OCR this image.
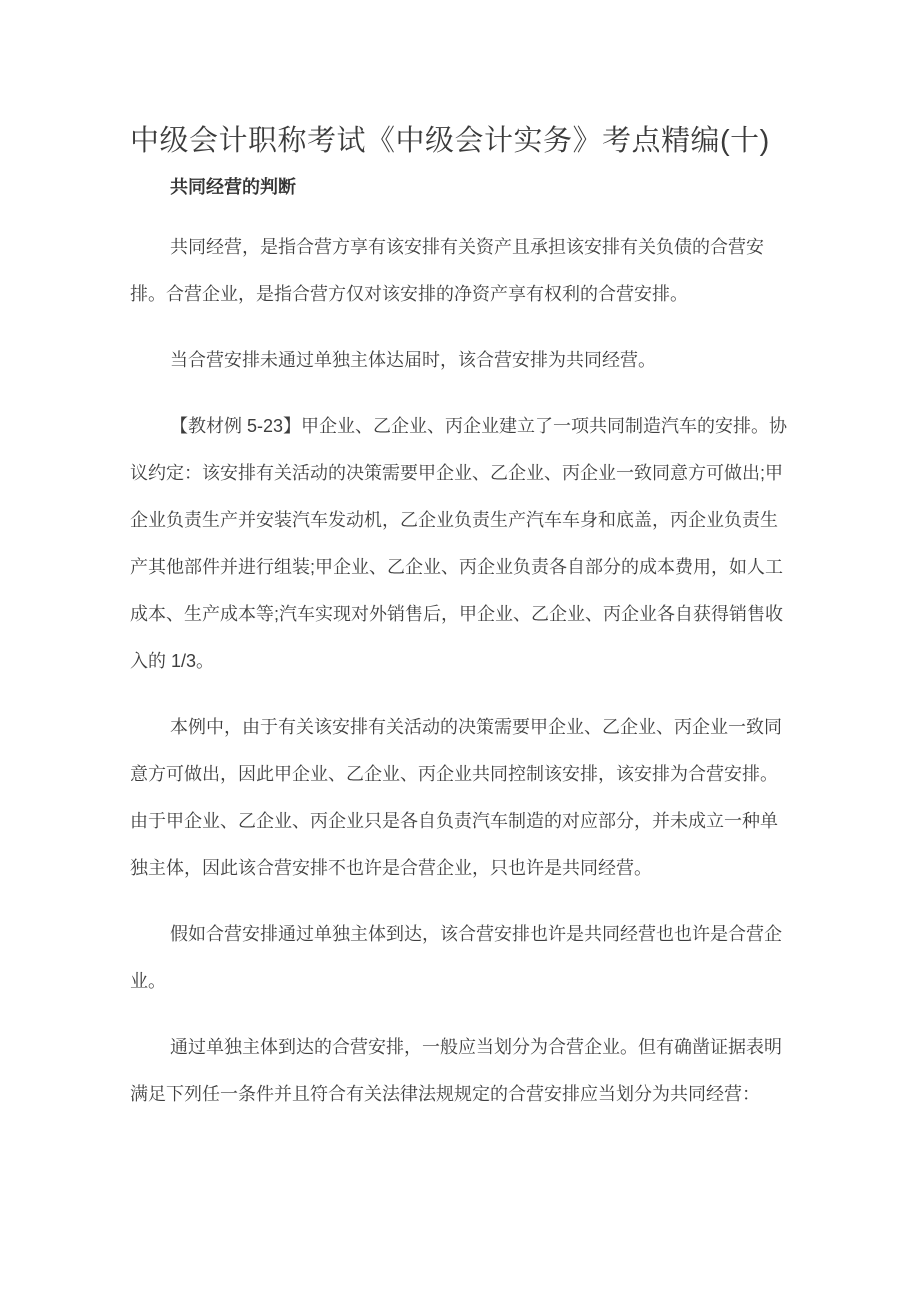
中级会计职称考试《中级会计实务》考点精编(十)
共同经营的判断

共同经营，是指合营方享有该安排有关资产且承担该安排有关负债的合营安排。合营企业，是指合营方仅对该安排的净资产享有权利的合营安排。

当合营安排未通过单独主体达届时，该合营安排为共同经营。

【教材例 5-23】甲企业、乙企业、丙企业建立了一项共同制造汽车的安排。协议约定：该安排有关活动的决策需要甲企业、乙企业、丙企业一致同意方可做出;甲企业负责生产并安装汽车发动机，乙企业负责生产汽车车身和底盖，丙企业负责生产其他部件并进行组装;甲企业、乙企业、丙企业负责各自部分的成本费用，如人工成本、生产成本等;汽车实现对外销售后，甲企业、乙企业、丙企业各自获得销售收入的 1/3。

本例中，由于有关该安排有关活动的决策需要甲企业、乙企业、丙企业一致同意方可做出，因此甲企业、乙企业、丙企业共同控制该安排，该安排为合营安排。由于甲企业、乙企业、丙企业只是各自负责汽车制造的对应部分，并未成立一种单独主体，因此该合营安排不也许是合营企业，只也许是共同经营。

假如合营安排通过单独主体到达，该合营安排也许是共同经营也也许是合营企业。

通过单独主体到达的合营安排，一般应当划分为合营企业。但有确凿证据表明满足下列任一条件并且符合有关法律法规规定的合营安排应当划分为共同经营：
